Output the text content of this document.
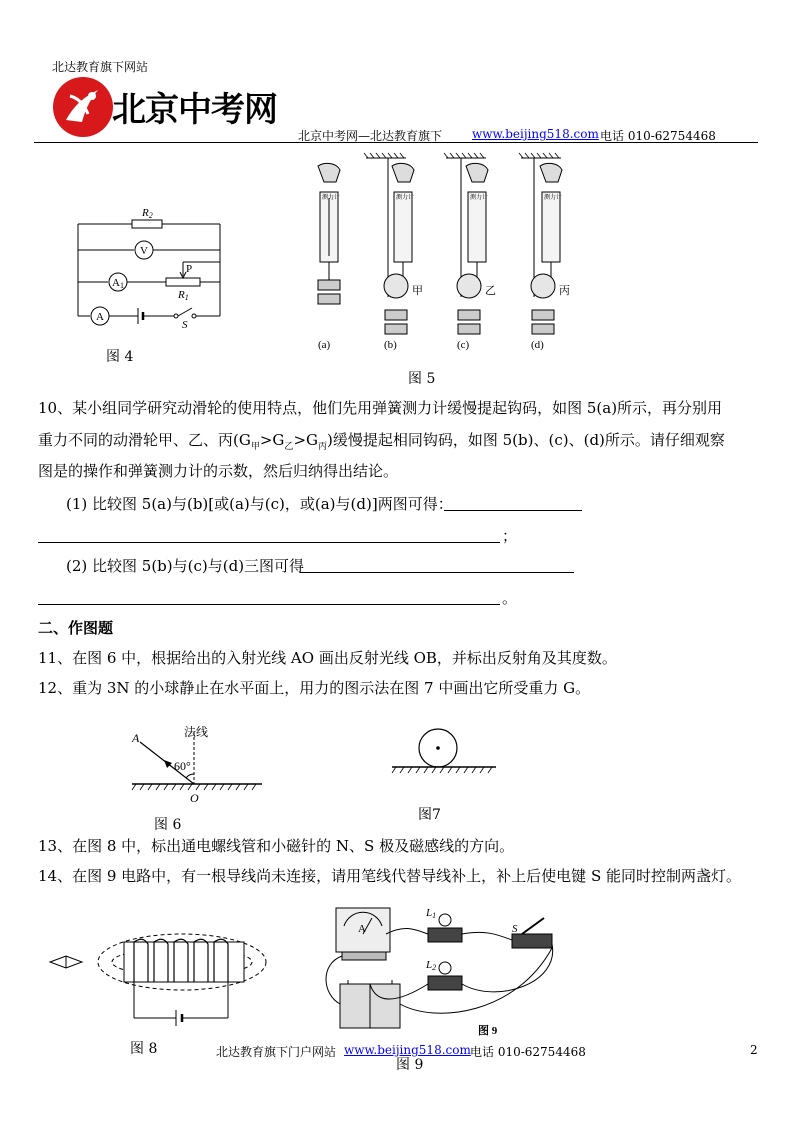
北达教育旗下网站
北京中考网
北京中考网—北达教育旗下 www.beijing518.com 电话 010-62754468
R2
V
A1
P
R1
A
S
图 4
测力计	测力计	测力计	测力计
甲	乙	丙
(a)	(b)	(c)	(d)
图 5
10、某小组同学研究动滑轮的使用特点，他们先用弹簧测力计缓慢提起钩码，如图 5(a)所示，再分别用
重力不同的动滑轮甲、乙、丙$(G_甲>G_乙>G_丙)$缓慢提起相同钩码，如图 5(b)、(c)、(d)所示。请仔细观察
图是的操作和弹簧测力计的示数，然后归纳得出结论。
(1) 比较图 5(a)与(b)[或(a)与(c)，或(a)与(d)]两图可得：
；
(2) 比较图 5(b)与(c)与(d)三图可得
。
二、作图题
11、在图 6 中，根据给出的入射光线 AO 画出反射光线 OB，并标出反射角及其度数。
12、重为 3N 的小球静止在水平面上，用力的图示法在图 7 中画出它所受重力 G。
A	法线
60°
O
图 6
图7
13、在图 8 中，标出通电螺线管和小磁针的 N、S 极及磁感线的方向。
14、在图 9 电路中，有一根导线尚未连接，请用笔线代替导线补上，补上后使电键 S 能同时控制两盏灯。
图 8
L1
L2
S
A
图 9
北达教育旗下门户网站 www.beijing518.com 电话 010-62754468	2
图 9
